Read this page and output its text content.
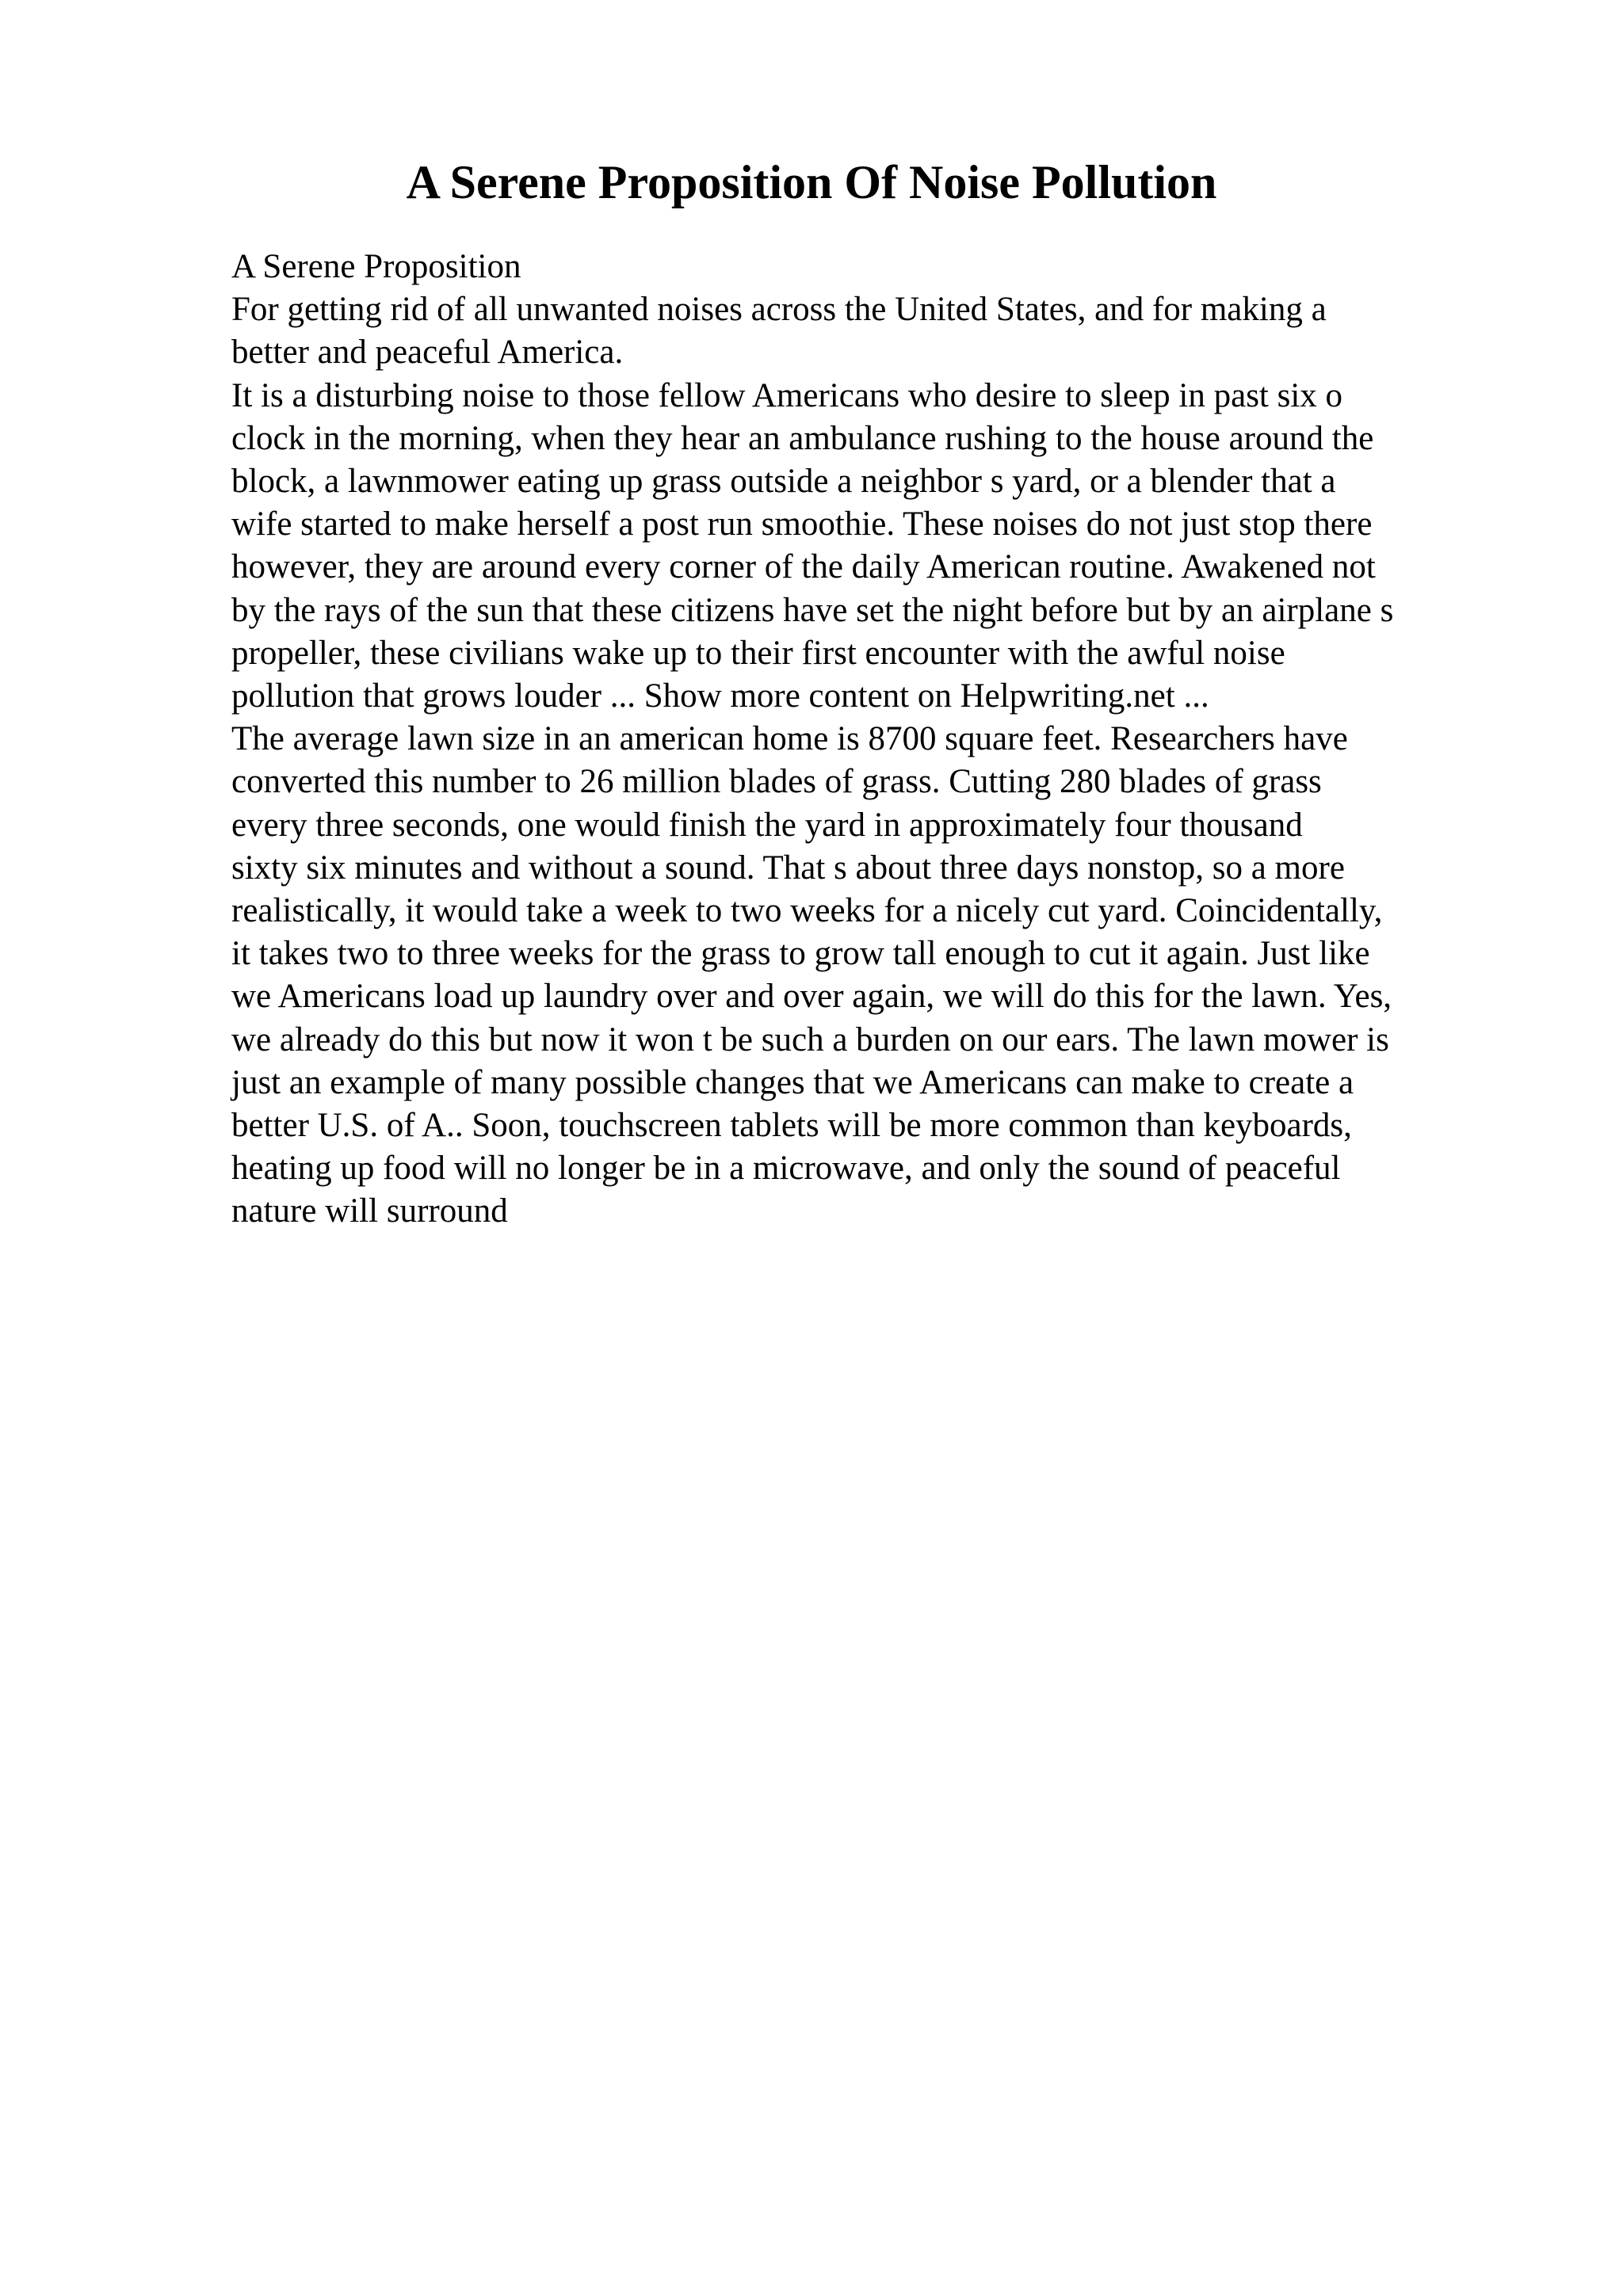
A Serene Proposition Of Noise Pollution
A Serene Proposition
For getting rid of all unwanted noises across the United States, and for making a
better and peaceful America.
It is a disturbing noise to those fellow Americans who desire to sleep in past six o
clock in the morning, when they hear an ambulance rushing to the house around the
block, a lawnmower eating up grass outside a neighbor s yard, or a blender that a
wife started to make herself a post run smoothie. These noises do not just stop there
however, they are around every corner of the daily American routine. Awakened not
by the rays of the sun that these citizens have set the night before but by an airplane s
propeller, these civilians wake up to their first encounter with the awful noise
pollution that grows louder ... Show more content on Helpwriting.net ...
The average lawn size in an american home is 8700 square feet. Researchers have
converted this number to 26 million blades of grass. Cutting 280 blades of grass
every three seconds, one would finish the yard in approximately four thousand
sixty six minutes and without a sound. That s about three days nonstop, so a more
realistically, it would take a week to two weeks for a nicely cut yard. Coincidentally,
it takes two to three weeks for the grass to grow tall enough to cut it again. Just like
we Americans load up laundry over and over again, we will do this for the lawn. Yes,
we already do this but now it won t be such a burden on our ears. The lawn mower is
just an example of many possible changes that we Americans can make to create a
better U.S. of A.. Soon, touchscreen tablets will be more common than keyboards,
heating up food will no longer be in a microwave, and only the sound of peaceful
nature will surround
